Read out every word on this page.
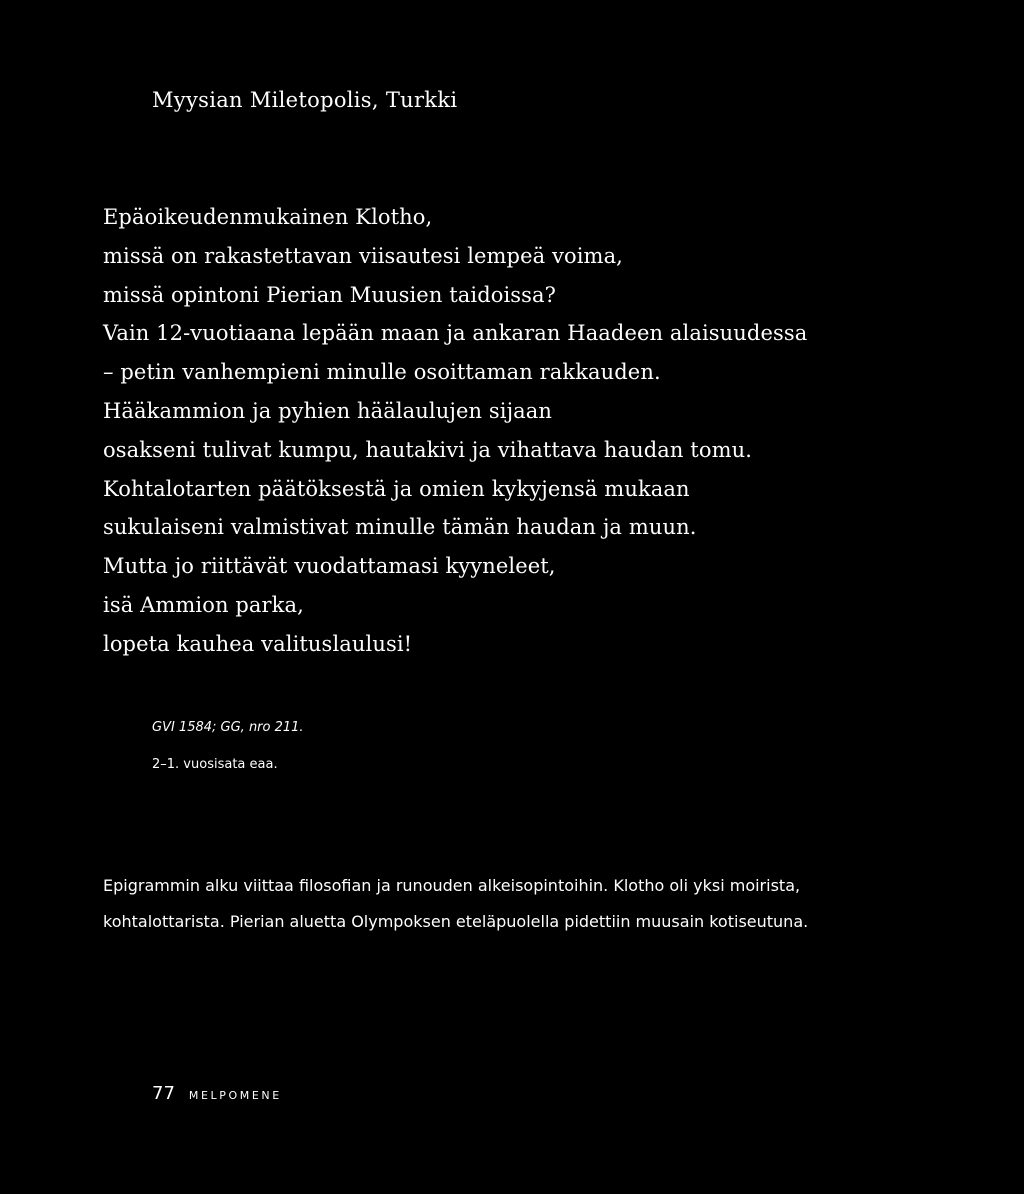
Myysian Miletopolis, Turkki
Epäoikeudenmukainen Klotho,
missä on rakastettavan viisautesi lempeä voima,
missä opintoni Pierian Muusien taidoissa?
Vain 12-vuotiaana lepään maan ja ankaran Haadeen alaisuudessa
– petin vanhempieni minulle osoittaman rakkauden.
Hääkammion ja pyhien häälaulujen sijaan
osakseni tulivat kumpu, hautakivi ja vihattava haudan tomu.
Kohtalotarten päätöksestä ja omien kykyjensä mukaan
sukulaiseni valmistivat minulle tämän haudan ja muun.
Mutta jo riittävät vuodattamasi kyyneleet,
isä Ammion parka,
lopeta kauhea valituslaulusi!
GVI 1584; GG, nro 211.
2–1. vuosisata eaa.
Epigrammin alku viittaa filosofian ja runouden alkeisopintoihin. Klotho oli yksi moirista,
kohtalottarista. Pierian aluetta Olympoksen eteläpuolella pidettiin muusain kotiseutuna.
77 MELPOMENE
